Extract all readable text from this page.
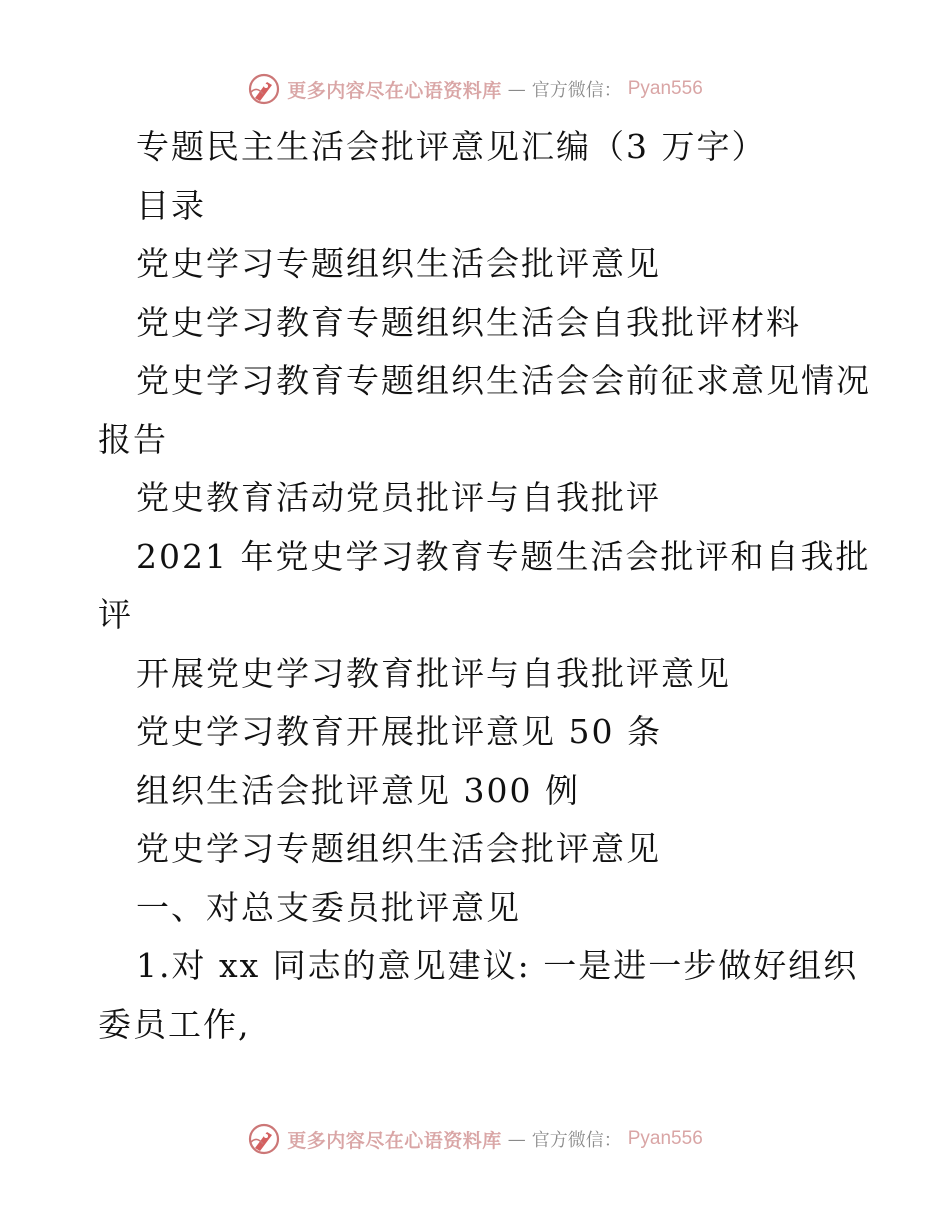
更多内容尽在心语资料库 — 官方微信： Pyan556
专题民主生活会批评意见汇编（3 万字）
目录
党史学习专题组织生活会批评意见
党史学习教育专题组织生活会自我批评材料
党史学习教育专题组织生活会会前征求意见情况
报告
党史教育活动党员批评与自我批评
2021 年党史学习教育专题生活会批评和自我批
评
开展党史学习教育批评与自我批评意见
党史学习教育开展批评意见 50 条
组织生活会批评意见 300 例
党史学习专题组织生活会批评意见
一、对总支委员批评意见
1.对 xx 同志的意见建议: 一是进一步做好组织
委员工作,
更多内容尽在心语资料库 — 官方微信： Pyan556
